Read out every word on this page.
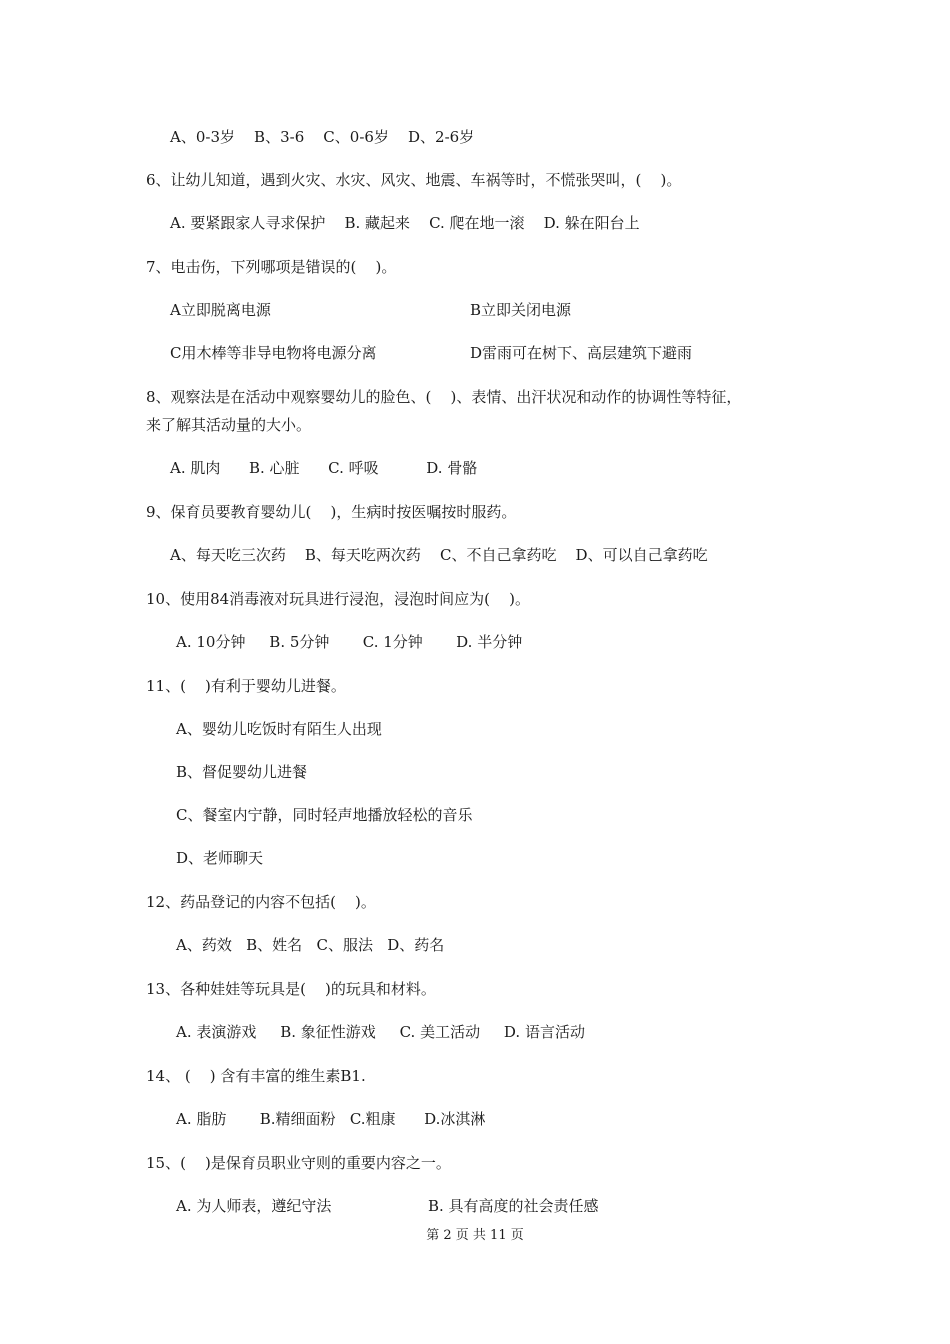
A、0-3岁    B、3-6    C、0-6岁    D、2-6岁

6、让幼儿知道，遇到火灾、水灾、风灾、地震、车祸等时，不慌张哭叫，(    )。

A. 要紧跟家人寻求保护    B. 藏起来    C. 爬在地一滚    D. 躲在阳台上

7、电击伤，下列哪项是错误的(    )。

A立即脱离电源	B立即关闭电源

C用木棒等非导电物将电源分离	D雷雨可在树下、高层建筑下避雨

8、观察法是在活动中观察婴幼儿的脸色、(    )、表情、出汗状况和动作的协调性等特征，

来了解其活动量的大小。

A. 肌肉      B. 心脏      C. 呼吸          D. 骨骼

9、保育员要教育婴幼儿(    )，生病时按医嘱按时服药。

A、每天吃三次药    B、每天吃两次药    C、不自己拿药吃    D、可以自己拿药吃

10、使用84消毒液对玩具进行浸泡，浸泡时间应为(    )。

A. 10分钟     B. 5分钟       C. 1分钟       D. 半分钟

11、(    )有利于婴幼儿进餐。

A、婴幼儿吃饭时有陌生人出现

B、督促婴幼儿进餐

C、餐室内宁静，同时轻声地播放轻松的音乐

D、老师聊天

12、药品登记的内容不包括(    )。

A、药效   B、姓名   C、服法   D、药名

13、各种娃娃等玩具是(    )的玩具和材料。

A. 表演游戏     B. 象征性游戏     C. 美工活动     D. 语言活动

14、 (    ) 含有丰富的维生素B1.

A. 脂肪       B.精细面粉   C.粗康      D.冰淇淋

15、(    )是保育员职业守则的重要内容之一。

A. 为人师表，遵纪守法	B. 具有高度的社会责任感

第 2 页 共 11 页
